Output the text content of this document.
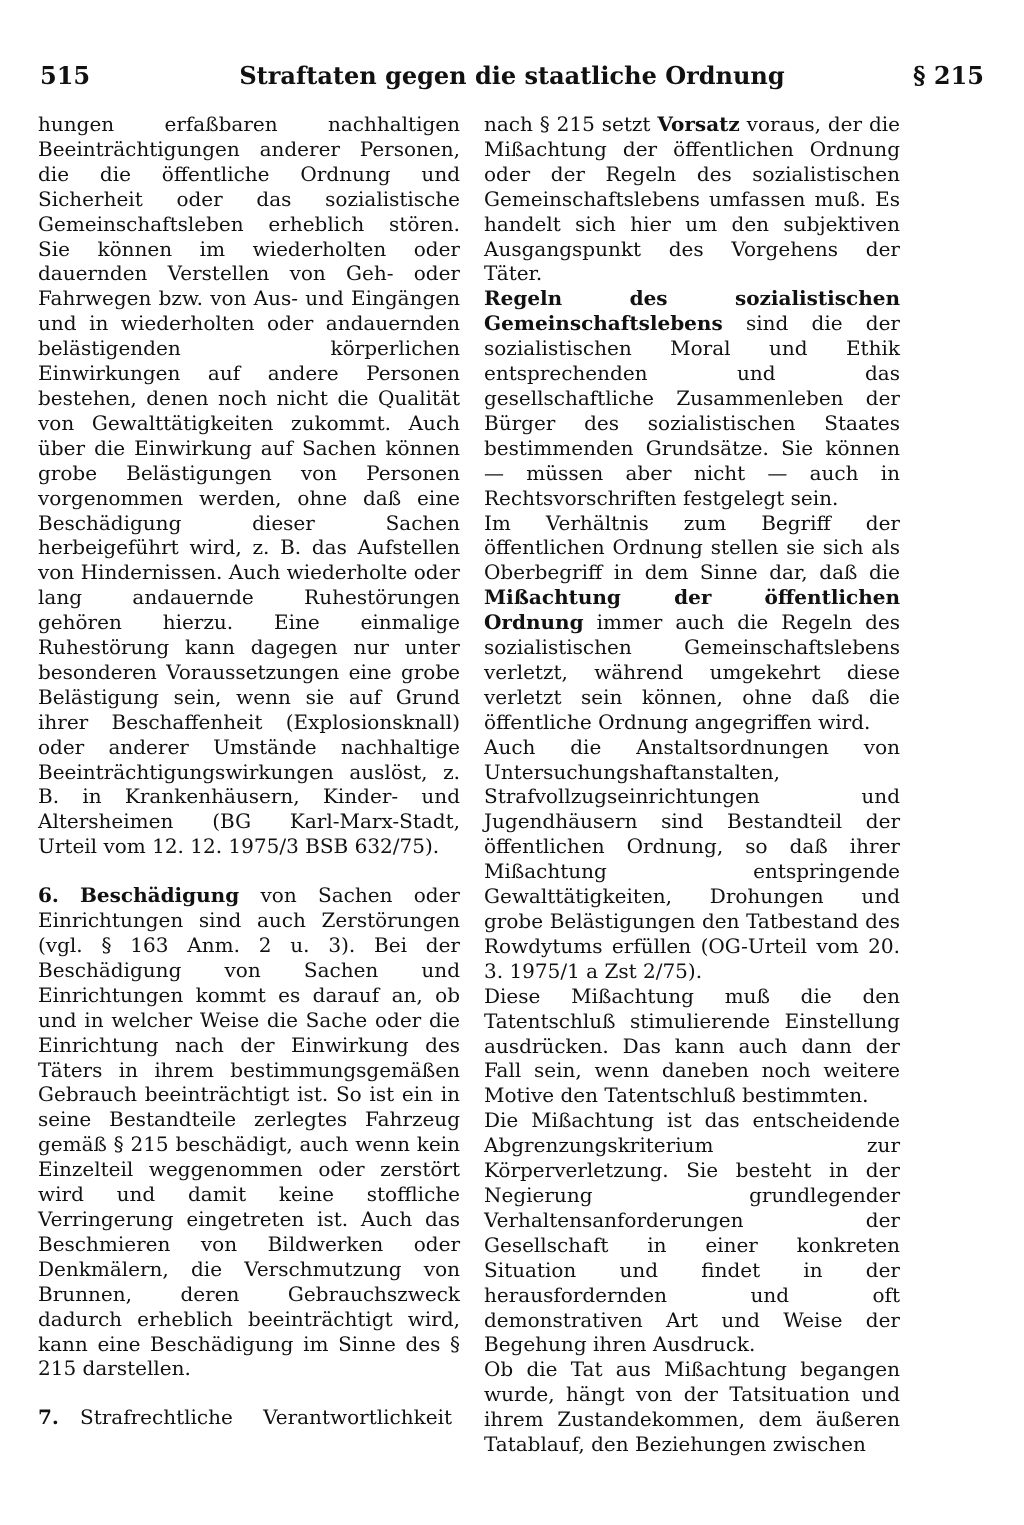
515	Straftaten gegen die staatliche Ordnung	§ 215

hungen erfaßbaren nachhaltigen Beeinträchtigungen anderer Personen, die die öffentliche Ordnung und Sicherheit oder das sozialistische Gemeinschaftsleben erheblich stören. Sie können im wiederholten oder dauernden Verstellen von Geh- oder Fahrwegen bzw. von Aus- und Eingängen und in wiederholten oder andauernden belästigenden körperlichen Einwirkungen auf andere Personen bestehen, denen noch nicht die Qualität von Gewalttätigkeiten zukommt. Auch über die Einwirkung auf Sachen können grobe Belästigungen von Personen vorgenommen werden, ohne daß eine Beschädigung dieser Sachen herbeigeführt wird, z. B. das Aufstellen von Hindernissen. Auch wiederholte oder lang andauernde Ruhestörungen gehören hierzu. Eine einmalige Ruhestörung kann dagegen nur unter besonderen Voraussetzungen eine grobe Belästigung sein, wenn sie auf Grund ihrer Beschaffenheit (Explosionsknall) oder anderer Umstände nachhaltige Beeinträchtigungswirkungen auslöst, z. B. in Krankenhäusern, Kinder- und Altersheimen (BG Karl-Marx-Stadt, Urteil vom 12. 12. 1975/3 BSB 632/75).

6. Beschädigung von Sachen oder Einrichtungen sind auch Zerstörungen (vgl. § 163 Anm. 2 u. 3). Bei der Beschädigung von Sachen und Einrichtungen kommt es darauf an, ob und in welcher Weise die Sache oder die Einrichtung nach der Einwirkung des Täters in ihrem bestimmungsgemäßen Gebrauch beeinträchtigt ist. So ist ein in seine Bestandteile zerlegtes Fahrzeug gemäß § 215 beschädigt, auch wenn kein Einzelteil weggenommen oder zerstört wird und damit keine stoffliche Verringerung eingetreten ist. Auch das Beschmieren von Bildwerken oder Denkmälern, die Verschmutzung von Brunnen, deren Gebrauchszweck dadurch erheblich beeinträchtigt wird, kann eine Beschädigung im Sinne des § 215 darstellen.

7. Strafrechtliche Verantwortlichkeit

nach § 215 setzt Vorsatz voraus, der die Mißachtung der öffentlichen Ordnung oder der Regeln des sozialistischen Gemeinschaftslebens umfassen muß. Es handelt sich hier um den subjektiven Ausgangspunkt des Vorgehens der Täter.

Regeln des sozialistischen Gemeinschaftslebens sind die der sozialistischen Moral und Ethik entsprechenden und das gesellschaftliche Zusammenleben der Bürger des sozialistischen Staates bestimmenden Grundsätze. Sie können — müssen aber nicht — auch in Rechtsvorschriften festgelegt sein.

Im Verhältnis zum Begriff der öffentlichen Ordnung stellen sie sich als Oberbegriff in dem Sinne dar, daß die Mißachtung der öffentlichen Ordnung immer auch die Regeln des sozialistischen Gemeinschaftslebens verletzt, während umgekehrt diese verletzt sein können, ohne daß die öffentliche Ordnung angegriffen wird.

Auch die Anstaltsordnungen von Untersuchungshaftanstalten, Strafvollzugseinrichtungen und Jugendhäusern sind Bestandteil der öffentlichen Ordnung, so daß ihrer Mißachtung entspringende Gewalttätigkeiten, Drohungen und grobe Belästigungen den Tatbestand des Rowdytums erfüllen (OG-Urteil vom 20. 3. 1975/1 a Zst 2/75).

Diese Mißachtung muß die den Tatentschluß stimulierende Einstellung ausdrücken. Das kann auch dann der Fall sein, wenn daneben noch weitere Motive den Tatentschluß bestimmten.

Die Mißachtung ist das entscheidende Abgrenzungskriterium zur Körperverletzung. Sie besteht in der Negierung grundlegender Verhaltensanforderungen der Gesellschaft in einer konkreten Situation und findet in der herausfordernden und oft demonstrativen Art und Weise der Begehung ihren Ausdruck.

Ob die Tat aus Mißachtung begangen wurde, hängt von der Tatsituation und ihrem Zustandekommen, dem äußeren Tatablauf, den Beziehungen zwischen
